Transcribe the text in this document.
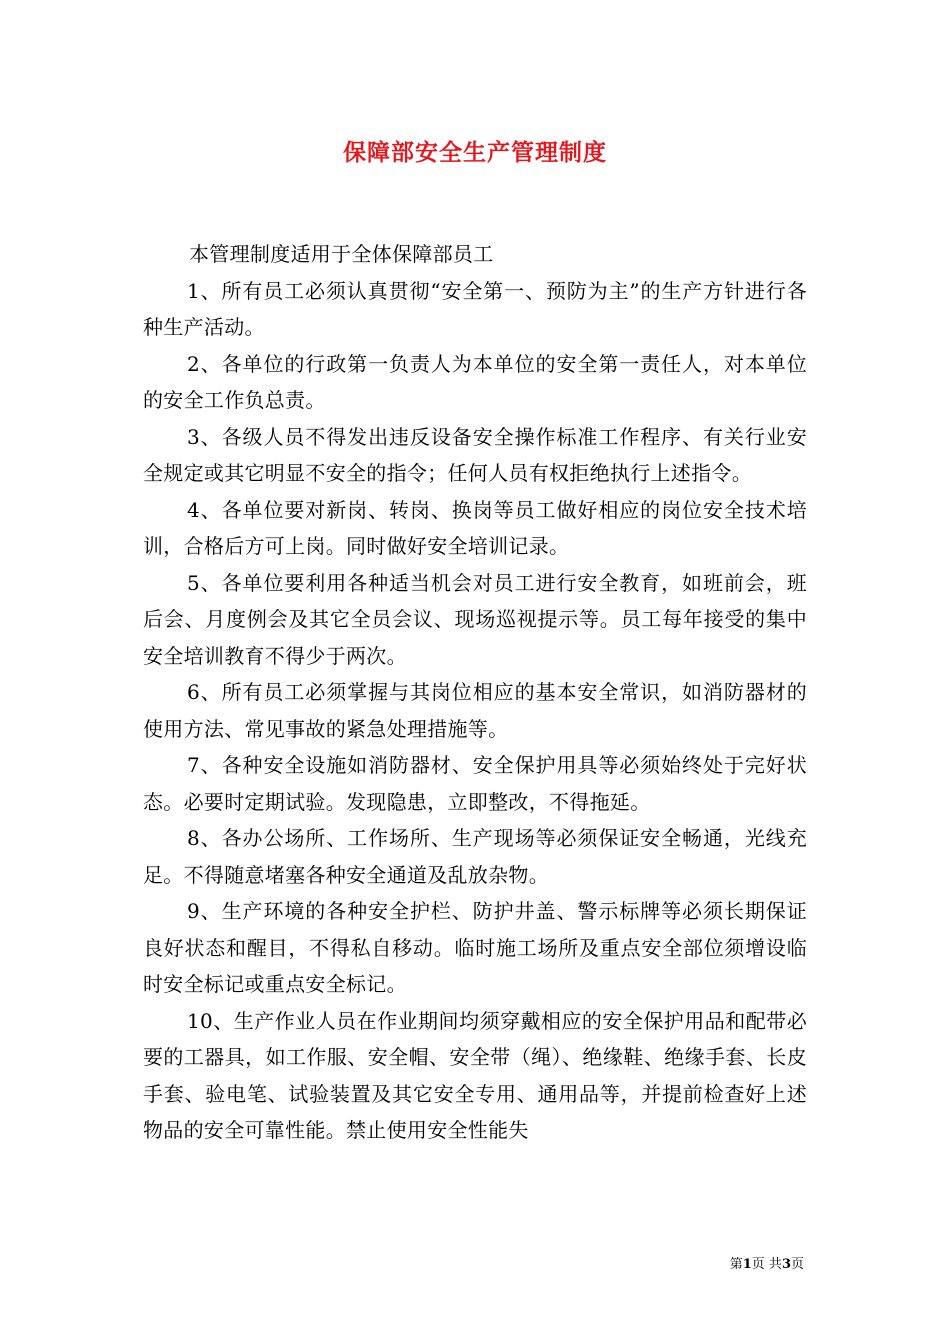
保障部安全生产管理制度

本管理制度适用于全体保障部员工

1、所有员工必须认真贯彻“安全第一、预防为主”的生产方针进行各种生产活动。

2、各单位的行政第一负责人为本单位的安全第一责任人，对本单位的安全工作负总责。

3、各级人员不得发出违反设备安全操作标准工作程序、有关行业安全规定或其它明显不安全的指令；任何人员有权拒绝执行上述指令。

4、各单位要对新岗、转岗、换岗等员工做好相应的岗位安全技术培训，合格后方可上岗。同时做好安全培训记录。

5、各单位要利用各种适当机会对员工进行安全教育，如班前会，班后会、月度例会及其它全员会议、现场巡视提示等。员工每年接受的集中安全培训教育不得少于两次。

6、所有员工必须掌握与其岗位相应的基本安全常识，如消防器材的使用方法、常见事故的紧急处理措施等。

7、各种安全设施如消防器材、安全保护用具等必须始终处于完好状态。必要时定期试验。发现隐患，立即整改，不得拖延。

8、各办公场所、工作场所、生产现场等必须保证安全畅通，光线充足。不得随意堵塞各种安全通道及乱放杂物。

9、生产环境的各种安全护栏、防护井盖、警示标牌等必须长期保证良好状态和醒目，不得私自移动。临时施工场所及重点安全部位须增设临时安全标记或重点安全标记。

10、生产作业人员在作业期间均须穿戴相应的安全保护用品和配带必要的工器具，如工作服、安全帽、安全带（绳）、绝缘鞋、绝缘手套、长皮手套、验电笔、试验装置及其它安全专用、通用品等，并提前检查好上述物品的安全可靠性能。禁止使用安全性能失

第1页 共3页
